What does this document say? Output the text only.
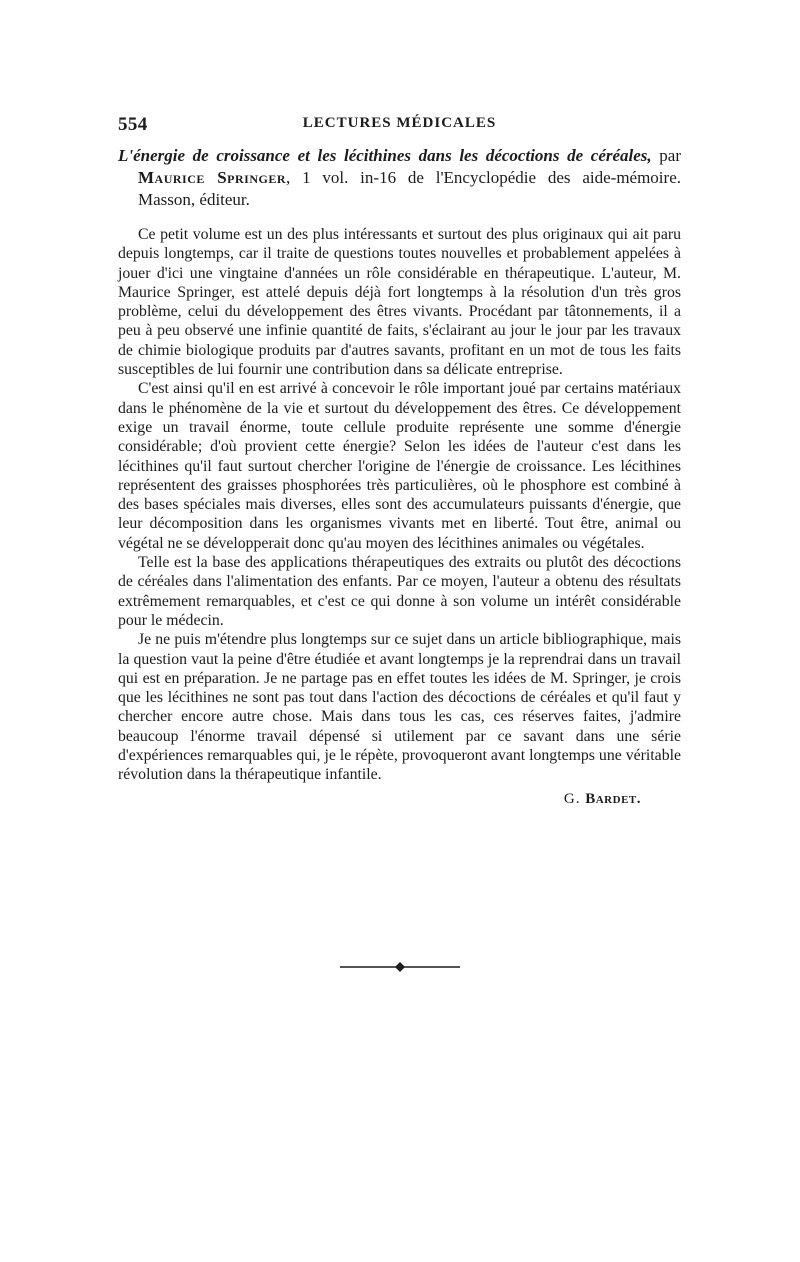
554	LECTURES MÉDICALES
L'énergie de croissance et les lécithines dans les décoctions de céréales, par Maurice Springer, 1 vol. in-16 de l'Encyclopédie des aide-mémoire. Masson, éditeur.

Ce petit volume est un des plus intéressants et surtout des plus originaux qui ait paru depuis longtemps, car il traite de questions toutes nouvelles et probablement appelées à jouer d'ici une vingtaine d'années un rôle considérable en thérapeutique. L'auteur, M. Maurice Springer, est attelé depuis déjà fort longtemps à la résolution d'un très gros problème, celui du développement des êtres vivants. Procédant par tâtonnements, il a peu à peu observé une infinie quantité de faits, s'éclairant au jour le jour par les travaux de chimie biologique produits par d'autres savants, profitant en un mot de tous les faits susceptibles de lui fournir une contribution dans sa délicate entreprise.

C'est ainsi qu'il en est arrivé à concevoir le rôle important joué par certains matériaux dans le phénomène de la vie et surtout du développement des êtres. Ce développement exige un travail énorme, toute cellule produite représente une somme d'énergie considérable; d'où provient cette énergie? Selon les idées de l'auteur c'est dans les lécithines qu'il faut surtout chercher l'origine de l'énergie de croissance. Les lécithines représentent des graisses phosphorées très particulières, où le phosphore est combiné à des bases spéciales mais diverses, elles sont des accumulateurs puissants d'énergie, que leur décomposition dans les organismes vivants met en liberté. Tout être, animal ou végétal ne se développerait donc qu'au moyen des lécithines animales ou végétales.

Telle est la base des applications thérapeutiques des extraits ou plutôt des décoctions de céréales dans l'alimentation des enfants. Par ce moyen, l'auteur a obtenu des résultats extrêmement remarquables, et c'est ce qui donne à son volume un intérêt considérable pour le médecin.

Je ne puis m'étendre plus longtemps sur ce sujet dans un article bibliographique, mais la question vaut la peine d'être étudiée et avant longtemps je la reprendrai dans un travail qui est en préparation. Je ne partage pas en effet toutes les idées de M. Springer, je crois que les lécithines ne sont pas tout dans l'action des décoctions de céréales et qu'il faut y chercher encore autre chose. Mais dans tous les cas, ces réserves faites, j'admire beaucoup l'énorme travail dépensé si utilement par ce savant dans une série d'expériences remarquables qui, je le répète, provoqueront avant longtemps une véritable révolution dans la thérapeutique infantile.

G. Bardet.
